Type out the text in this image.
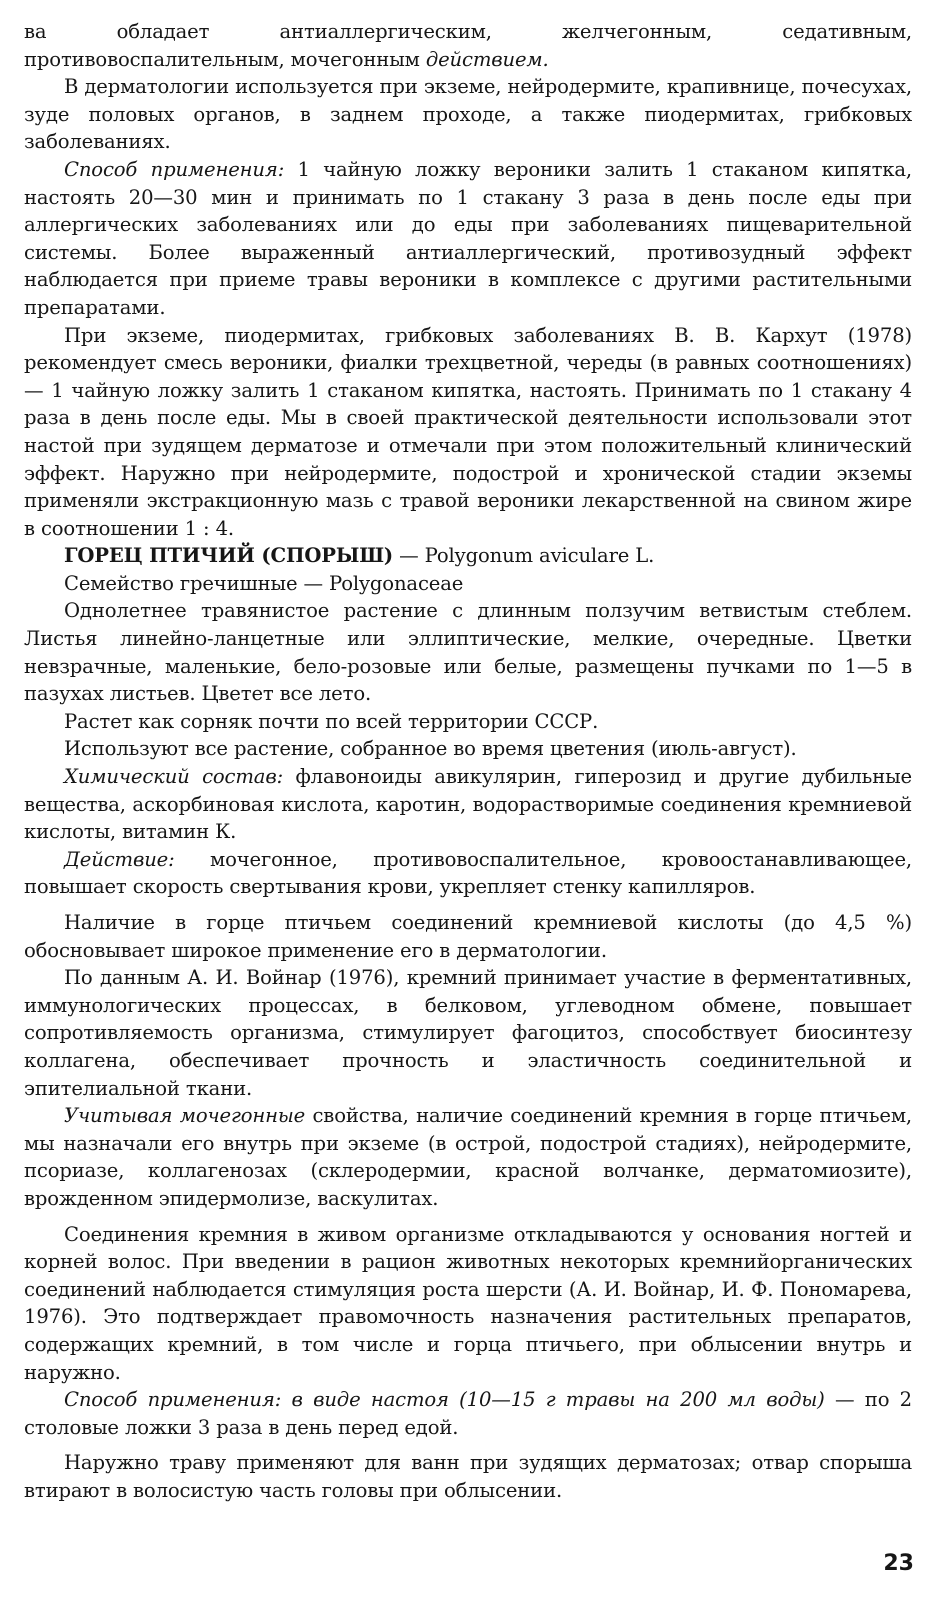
ва обладает антиаллергическим, желчегонным, седативным, противовоспалительным, мочегонным действием.

В дерматологии используется при экземе, нейродермите, крапивнице, почесухах, зуде половых органов, в заднем проходе, а также пиодермитах, грибковых заболеваниях.

Способ применения: 1 чайную ложку вероники залить 1 стаканом кипятка, настоять 20—30 мин и принимать по 1 стакану 3 раза в день после еды при аллергических заболеваниях или до еды при заболеваниях пищеварительной системы. Более выраженный антиаллергический, противозудный эффект наблюдается при приеме травы вероники в комплексе с другими растительными препаратами.

При экземе, пиодермитах, грибковых заболеваниях В. В. Кархут (1978) рекомендует смесь вероники, фиалки трехцветной, череды (в равных соотношениях) — 1 чайную ложку залить 1 стаканом кипятка, настоять. Принимать по 1 стакану 4 раза в день после еды. Мы в своей практической деятельности использовали этот настой при зудящем дерматозе и отмечали при этом положительный клинический эффект. Наружно при нейродермите, подострой и хронической стадии экземы применяли экстракционную мазь с травой вероники лекарственной на свином жире в соотношении 1 : 4.

ГОРЕЦ ПТИЧИЙ (СПОРЫШ) — Polygonum aviculare L.

Семейство гречишные — Polygonaceae

Однолетнее травянистое растение с длинным ползучим ветвистым стеблем. Листья линейно-ланцетные или эллиптические, мелкие, очередные. Цветки невзрачные, маленькие, бело-розовые или белые, размещены пучками по 1—5 в пазухах листьев. Цветет все лето.

Растет как сорняк почти по всей территории СССР.

Используют все растение, собранное во время цветения (июль-август).

Химический состав: флавоноиды авикулярин, гиперозид и другие дубильные вещества, аскорбиновая кислота, каротин, водорастворимые соединения кремниевой кислоты, витамин К.

Действие: мочегонное, противовоспалительное, кровоостанавливающее, повышает скорость свертывания крови, укрепляет стенку капилляров.

Наличие в горце птичьем соединений кремниевой кислоты (до 4,5 %) обосновывает широкое применение его в дерматологии.

По данным А. И. Войнар (1976), кремний принимает участие в ферментативных, иммунологических процессах, в белковом, углеводном обмене, повышает сопротивляемость организма, стимулирует фагоцитоз, способствует биосинтезу коллагена, обеспечивает прочность и эластичность соединительной и эпителиальной ткани.

Учитывая мочегонные свойства, наличие соединений кремния в горце птичьем, мы назначали его внутрь при экземе (в острой, подострой стадиях), нейродермите, псориазе, коллагенозах (склеродермии, красной волчанке, дерматомиозите), врожденном эпидермолизе, васкулитах.

Соединения кремния в живом организме откладываются у основания ногтей и корней волос. При введении в рацион животных некоторых кремнийорганических соединений наблюдается стимуляция роста шерсти (А. И. Войнар, И. Ф. Пономарева, 1976). Это подтверждает правомочность назначения растительных препаратов, содержащих кремний, в том числе и горца птичьего, при облысении внутрь и наружно.

Способ применения: в виде настоя (10—15 г травы на 200 мл воды) — по 2 столовые ложки 3 раза в день перед едой.

Наружно траву применяют для ванн при зудящих дерматозах; отвар спорыша втирают в волосистую часть головы при облысении.

23
